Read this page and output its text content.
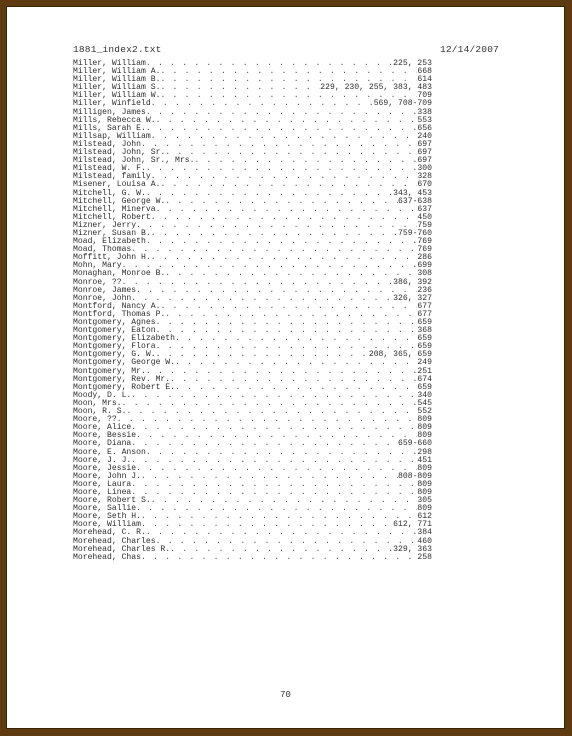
1881_index2.txt	12/14/2007
Miller, William . . .	225, 253
Miller, William A. . . .	668
Miller, William B. . . .	614
Miller, William S. . . .	229, 230, 255, 383, 483
Miller, William W. . . .	709
Miller, Winfield . . .	569, 708-709
Milligen, James . . .	338
Mills, Rebecca W. . . .	553
Mills, Sarah E. . . .	656
Millsap, William . . .	240
Milstead, John . . .	697
Milstead, John, Sr. . . .	697
Milstead, John, Sr., Mrs. . . .	697
Milstead, W. F. . . .	300
Milstead, family . . .	328
Misener, Louisa A. . . .	670
Mitchell, G. W. . . .	343, 453
Mitchell, George W. . . .	637-638
Mitchell, Minerva . . .	637
Mitchell, Robert . . .	450
Mizner, Jerry . . .	759
Mizner, Susan B. . . .	759-760
Moad, Elizabeth . . .	769
Moad, Thomas . . .	769
Moffitt, John H. . . .	286
Mohn, Mary . . .	699
Monaghan, Monroe B. . . .	308
Monroe, ?? . . .	386, 392
Monroe, James . . .	236
Monroe, John . . .	326, 327
Montford, Nancy A. . . .	677
Montford, Thomas P. . . .	677
Montgomery, Agnes . . .	659
Montgomery, Eaton . . .	368
Montgomery, Elizabeth . . .	659
Montgomery, Flora . . .	659
Montgomery, G. W. . . .	208, 365, 659
Montgomery, George W. . . .	249
Montgomery, Mr. . . .	251
Montgomery, Rev. Mr. . . .	674
Montgomery, Robert E. . . .	659
Moody, D. L. . . .	340
Moon, Mrs. . . .	545
Moon, R. S. . . .	552
Moore, ?? . . .	809
Moore, Alice . . .	809
Moore, Bessie . . .	809
Moore, Diana . . .	659-660
Moore, E. Anson . . .	298
Moore, J. J. . . .	451
Moore, Jessie . . .	809
Moore, John J. . . .	808-809
Moore, Laura . . .	809
Moore, Linea . . .	809
Moore, Robert S. . . .	305
Moore, Sallie . . .	809
Moore, Seth H. . . .	612
Moore, William . . .	612, 771
Morehead, C. R. . . .	384
Morehead, Charles . . .	460
Morehead, Charles R. . . .	329, 363
Morehead, Chas . . .	258
70
